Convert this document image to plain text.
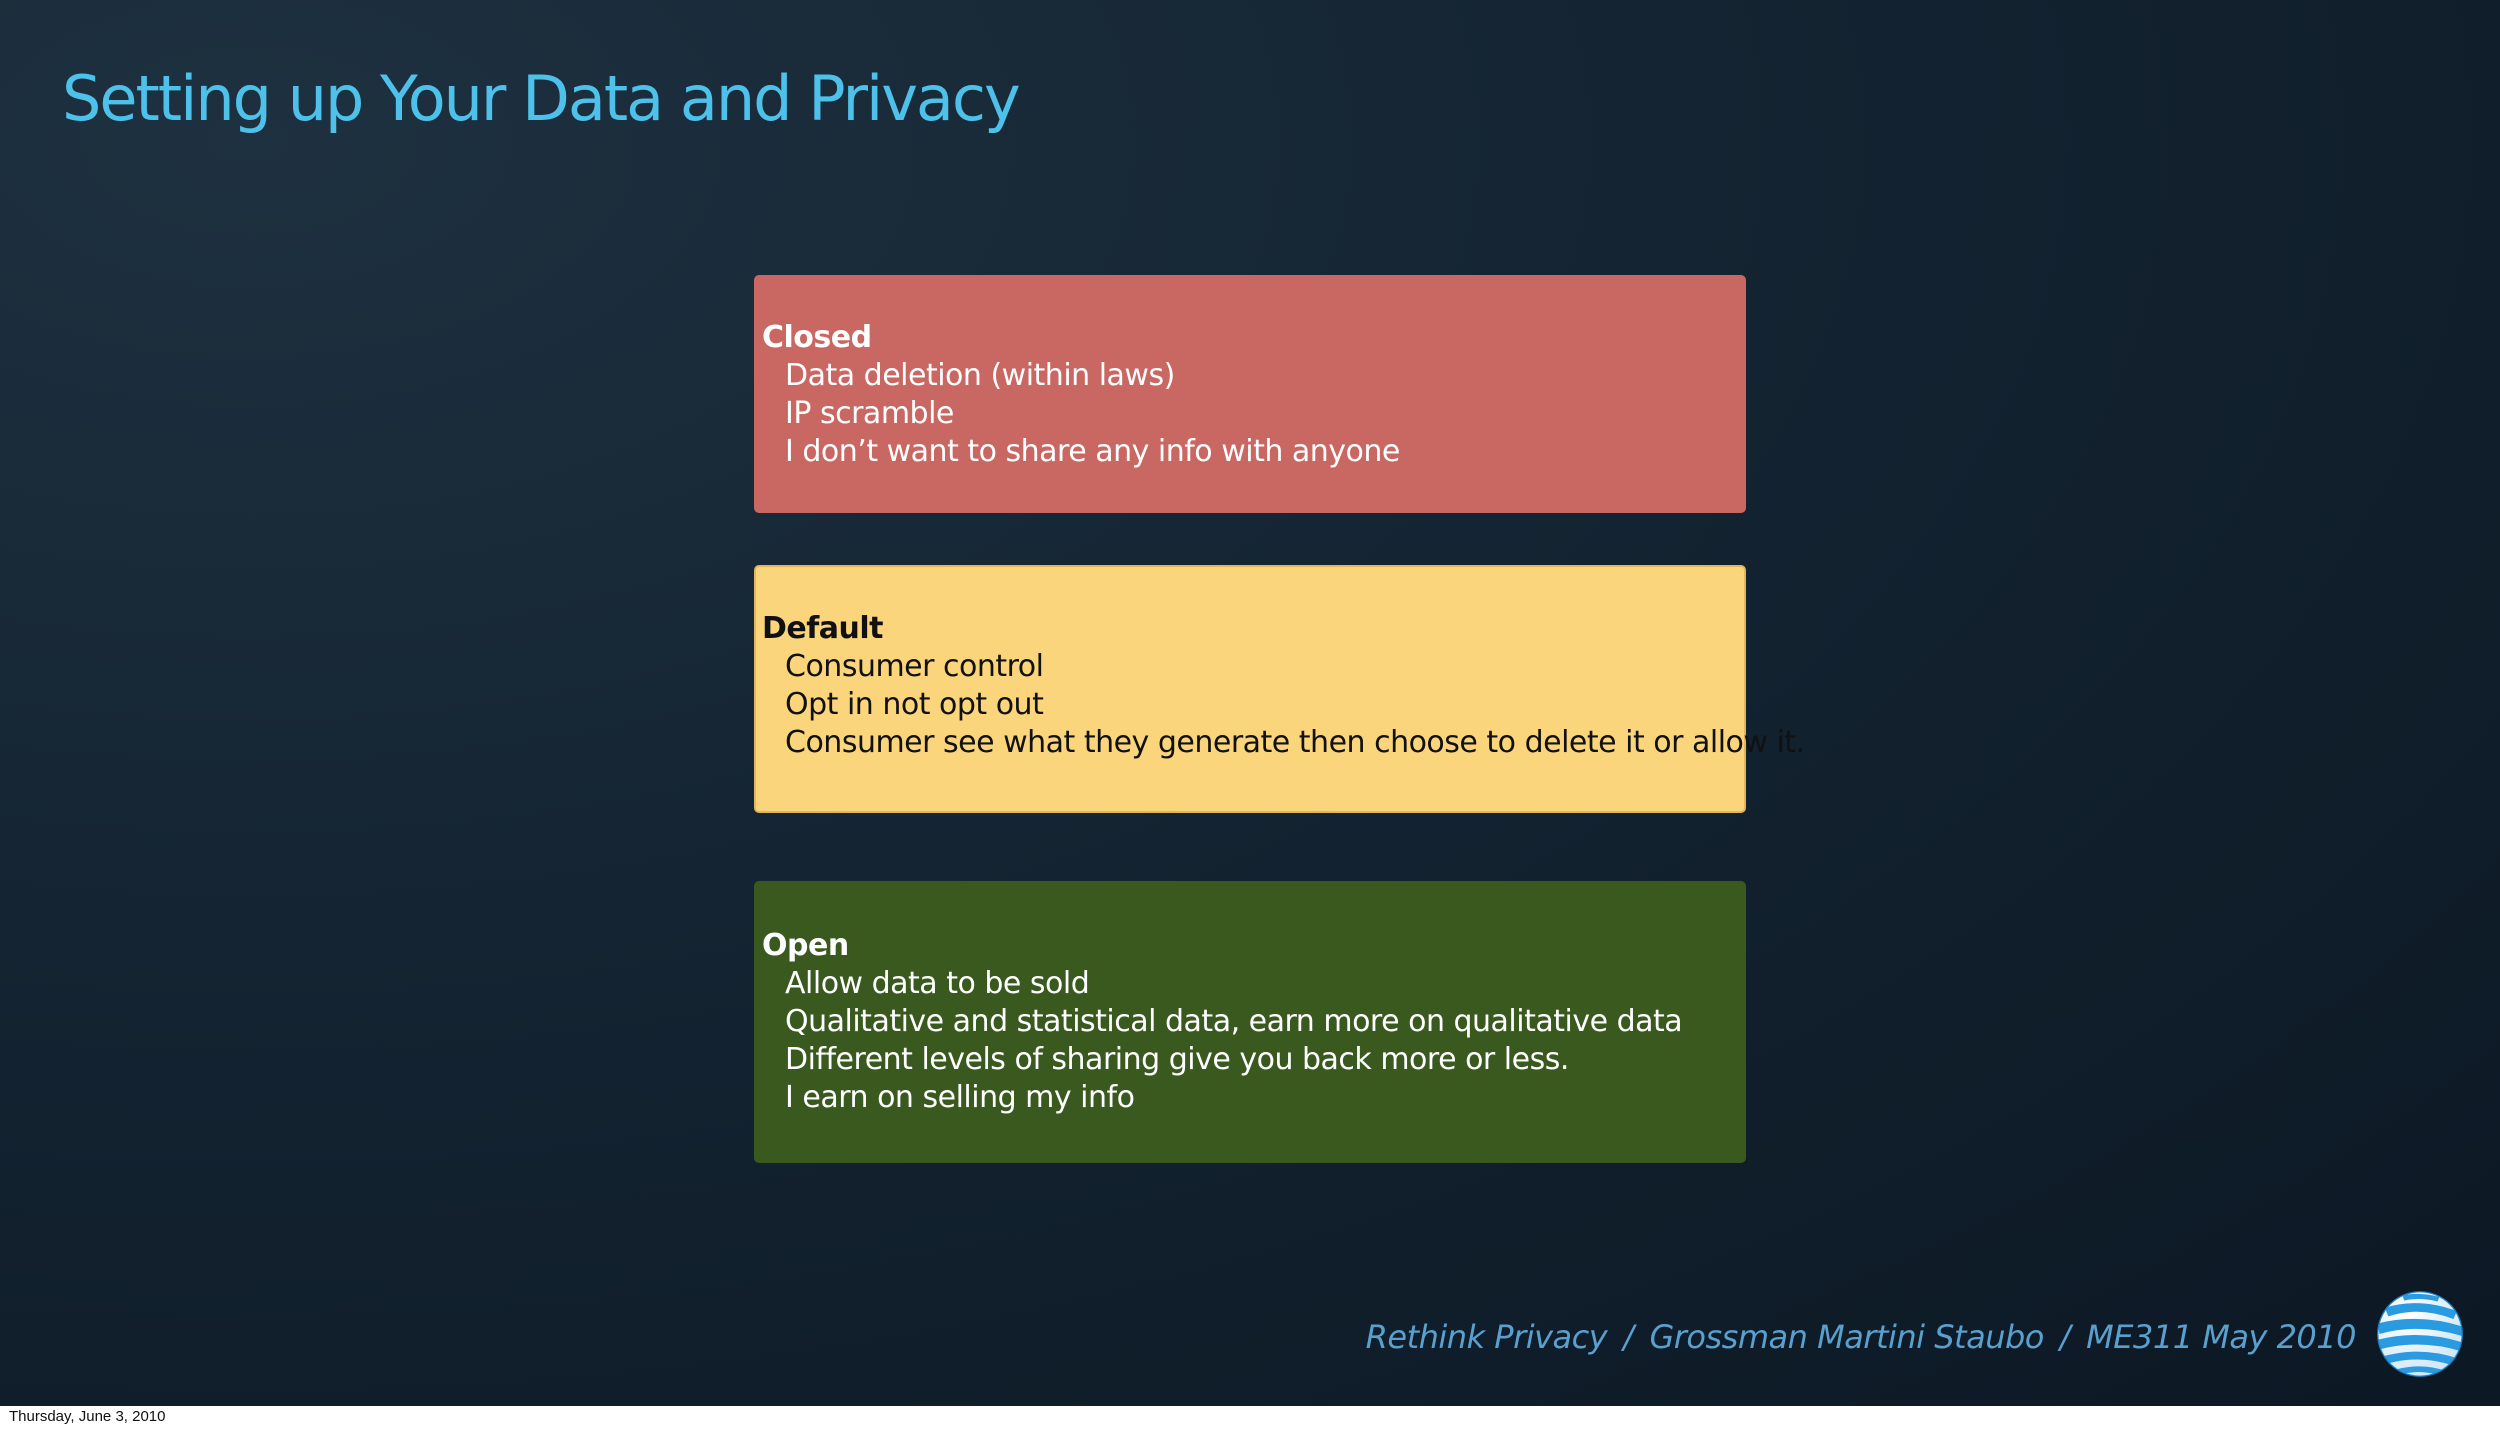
Setting up Your Data and Privacy
Closed
Data deletion (within laws)
IP scramble
I don’t want to share any info with anyone
Default
Consumer control
Opt in not opt out
Consumer see what they generate then choose to delete it or allow it.
Open
Allow data to be sold
Qualitative and statistical data, earn more on qualitative data
Different levels of sharing give you back more or less.
I earn on selling my info
Rethink Privacy / Grossman Martini Staubo / ME311 May 2010
Thursday, June 3, 2010
